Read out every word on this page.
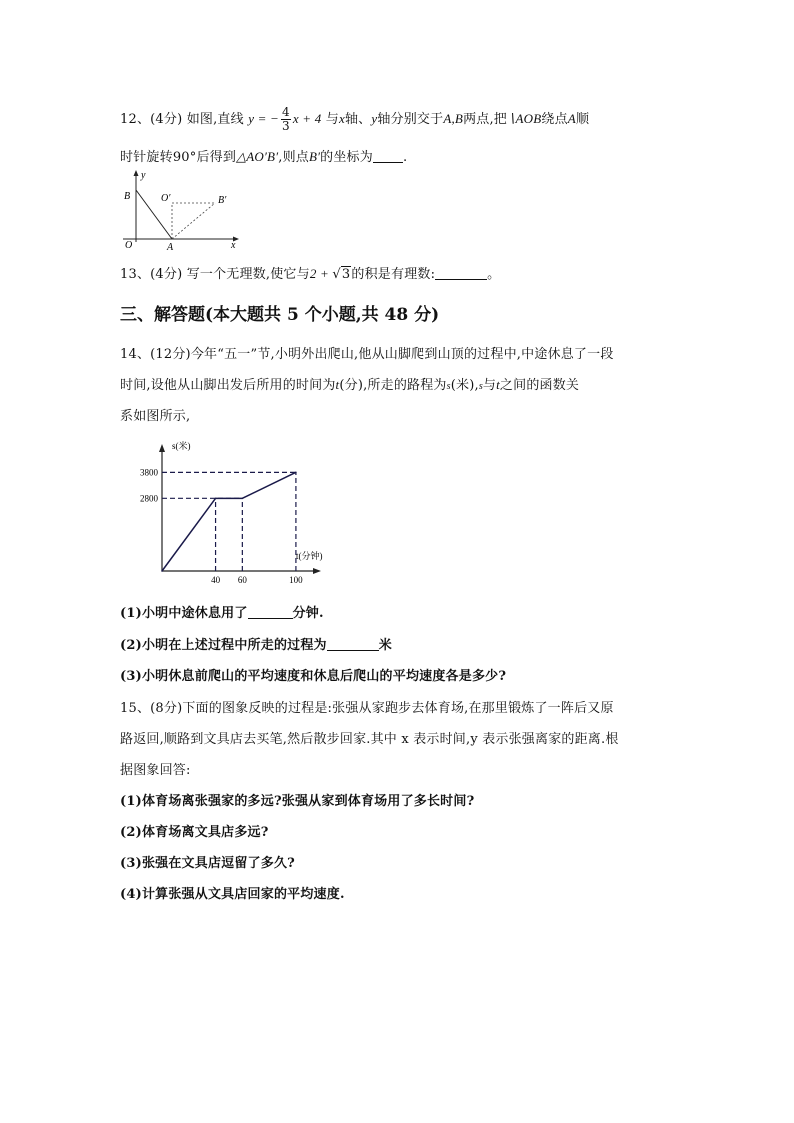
12、(4分) 如图,直线 y = − $\frac{4}{3}$ x + 4 与x轴、y轴分别交于A,B两点,把∖AOB绕点A顺
时针旋转90°后得到△AO′B′,则点B′的坐标为 .
y
B	O′	B′
O	A	x
13、(4分) 写一个无理数,使它与2 + √3的积是有理数:	。
三、解答题(本大题共 5 个小题,共 48 分)
14、(12分)今年“五一”节,小明外出爬山,他从山脚爬到山顶的过程中,中途休息了一段
时间,设他从山脚出发后所用的时间为t(分),所走的路程为s(米),s与t之间的函数关
系如图所示,
s(米)
t(分钟)
40 60	100
2800
3800
(1)小明中途休息用了	分钟.
(2)小明在上述过程中所走的过程为	米
(3)小明休息前爬山的平均速度和休息后爬山的平均速度各是多少?
15、(8分)下面的图象反映的过程是:张强从家跑步去体育场,在那里锻炼了一阵后又原
路返回,顺路到文具店去买笔,然后散步回家.其中 x 表示时间,y 表示张强离家的距离.根
据图象回答:
(1)体育场离张强家的多远?张强从家到体育场用了多长时间?
(2)体育场离文具店多远?
(3)张强在文具店逗留了多久?
(4)计算张强从文具店回家的平均速度.
